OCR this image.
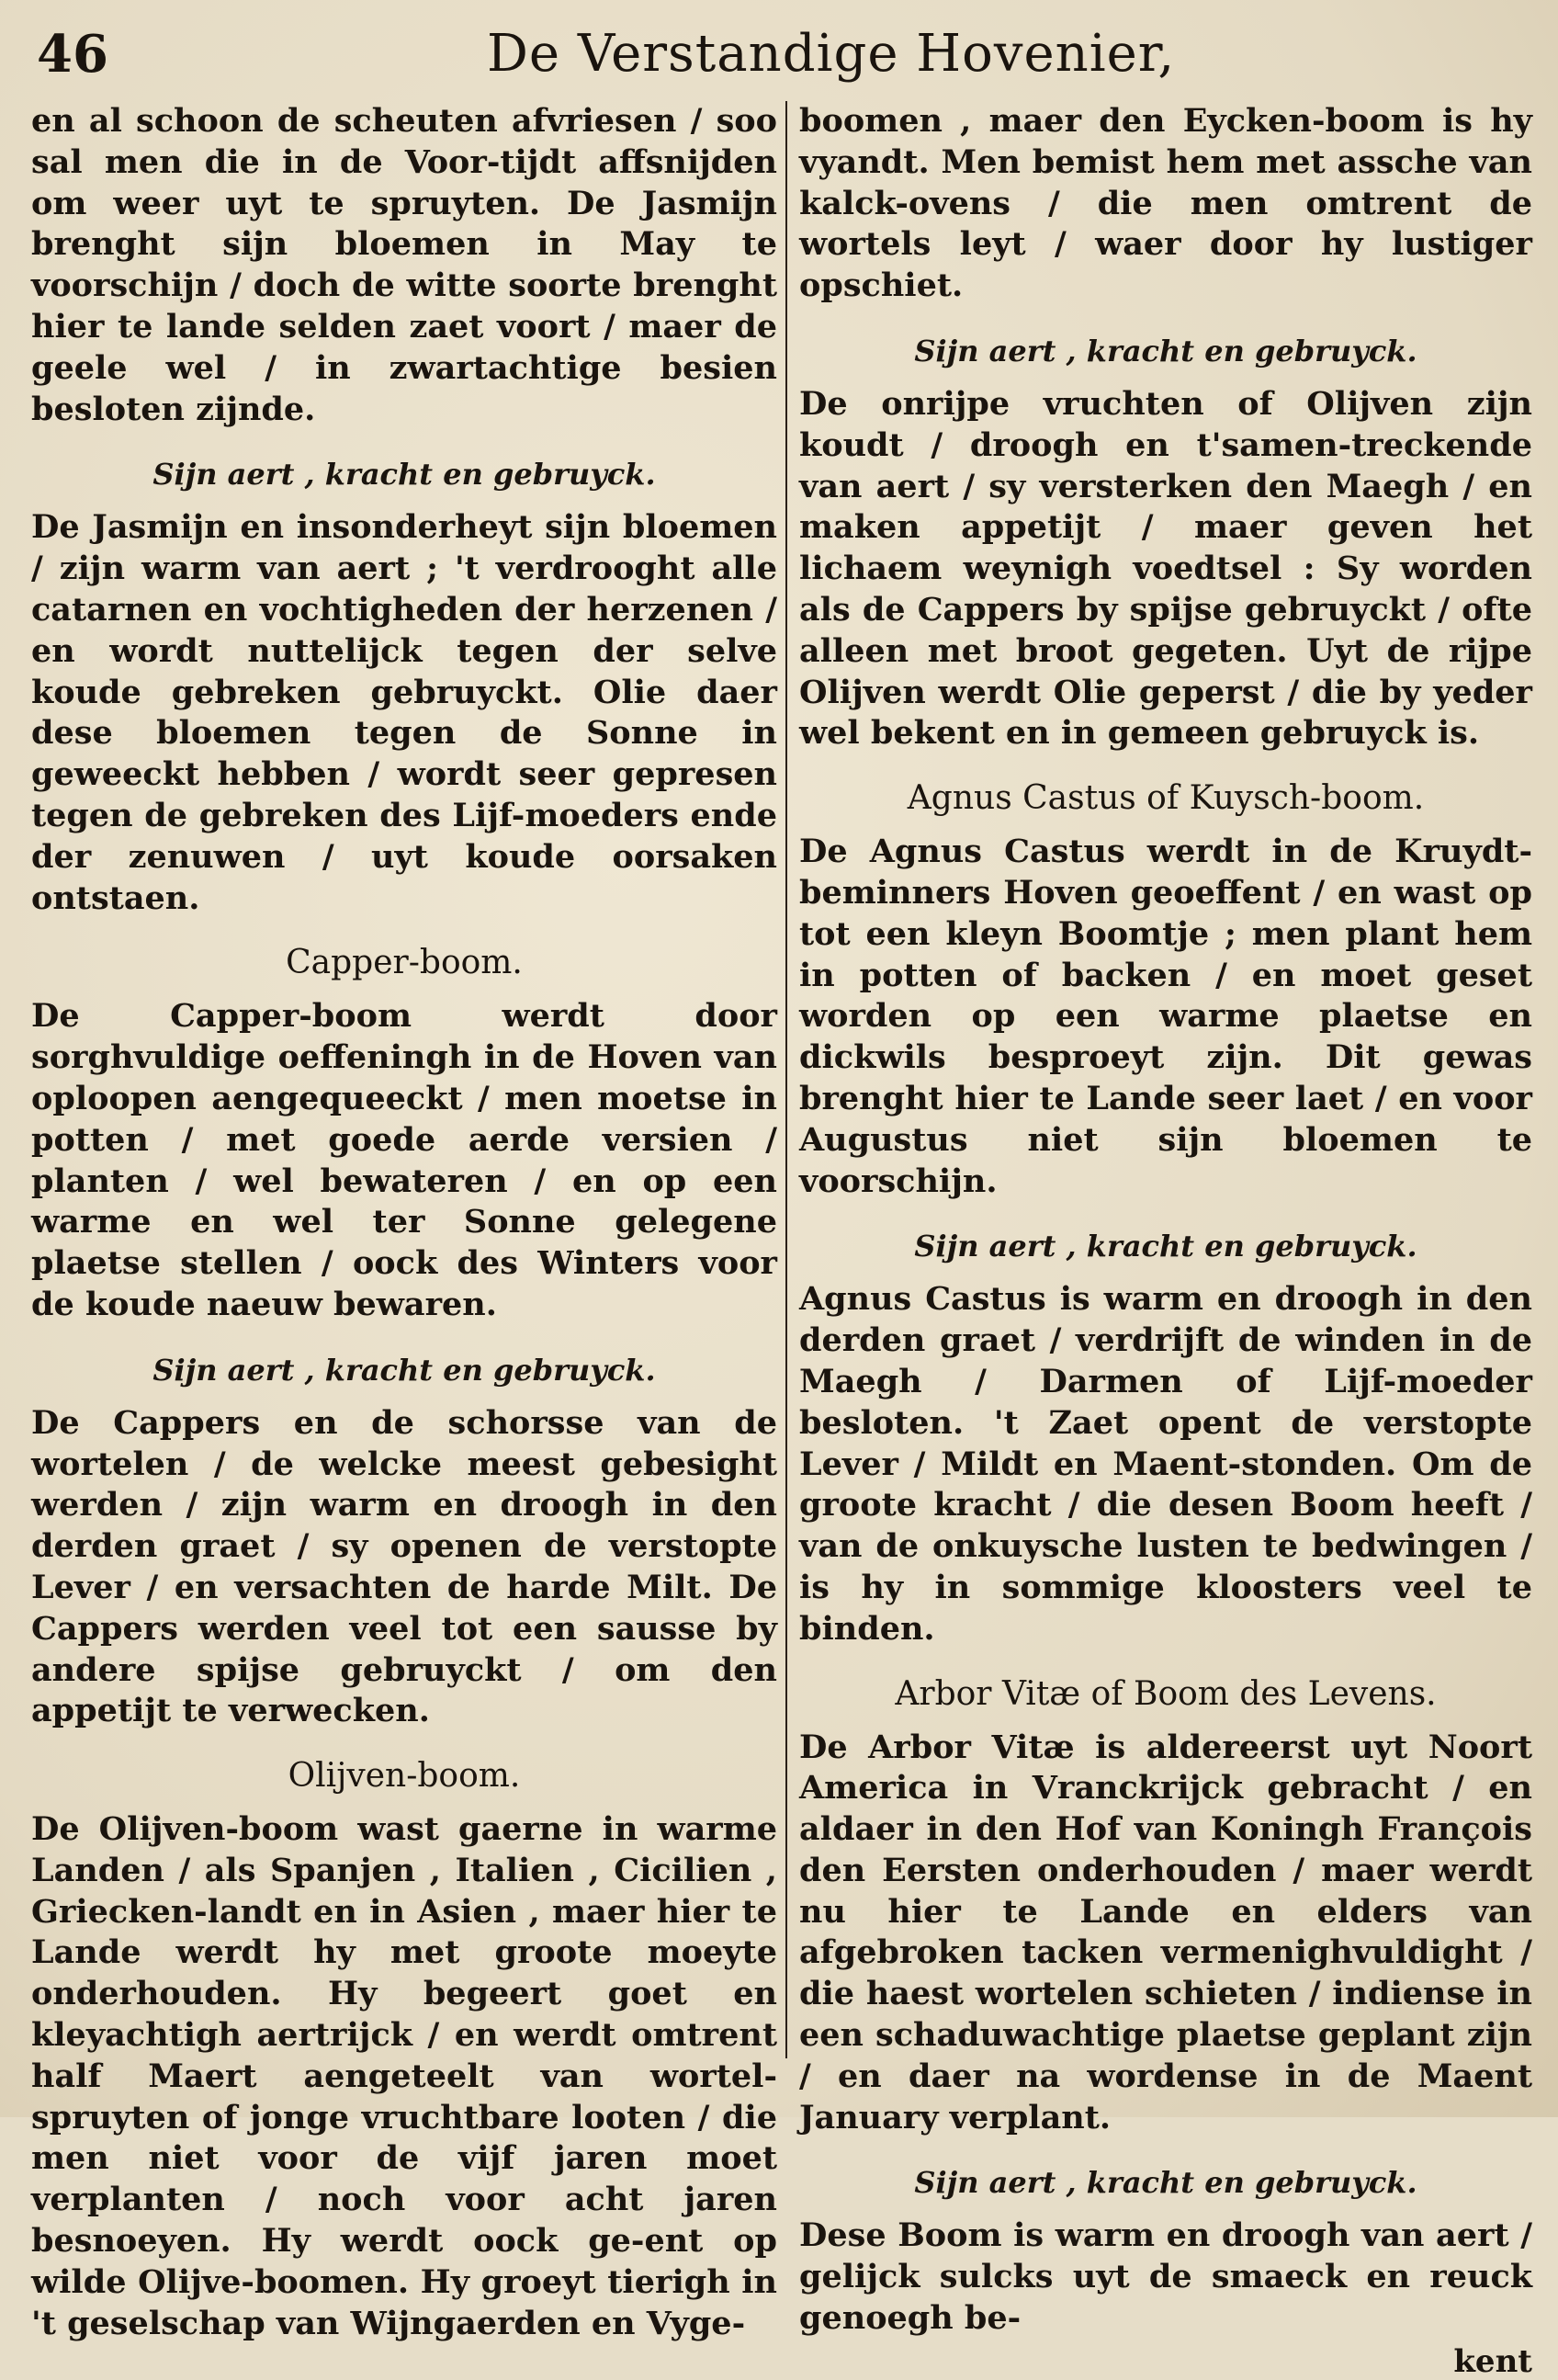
46	De Verstandige Hovenier,

en al schoon de scheuten afvriesen / soo sal men die in de Voor-tijdt affsnijden om weer uyt te spruyten. De Jasmijn brenght sijn bloemen in May te voorschijn / doch de witte soorte brenght hier te lande selden zaet voort / maer de geele wel / in zwartachtige besien besloten zijnde.

Sijn aert , kracht en gebruyck.

De Jasmijn en insonderheyt sijn bloemen / zijn warm van aert ; 't verdrooght alle catarnen en vochtigheden der herzenen / en wordt nuttelijck tegen der selve koude gebreken gebruyckt. Olie daer dese bloemen tegen de Sonne in geweeckt hebben / wordt seer gepresen tegen de gebreken des Lijf-moeders ende der zenuwen / uyt koude oorsaken ontstaen.

Capper-boom.

De Capper-boom werdt door sorghvuldige oeffeningh in de Hoven van oploopen aengequeeckt / men moetse in potten / met goede aerde versien / planten / wel bewateren / en op een warme en wel ter Sonne gelegene plaetse stellen / oock des Winters voor de koude naeuw bewaren.

Sijn aert , kracht en gebruyck.

De Cappers en de schorsse van de wortelen / de welcke meest gebesight werden / zijn warm en droogh in den derden graet / sy openen de verstopte Lever / en versachten de harde Milt. De Cappers werden veel tot een sausse by andere spijse gebruyckt / om den appetijt te verwecken.

Olijven-boom.

De Olijven-boom wast gaerne in warme Landen / als Spanjen , Italien , Cicilien , Griecken-landt en in Asien , maer hier te Lande werdt hy met groote moeyte onderhouden. Hy begeert goet en kleyachtigh aertrijck / en werdt omtrent half Maert aengeteelt van wortel-spruyten of jonge vruchtbare looten / die men niet voor de vijf jaren moet verplanten / noch voor acht jaren besnoeyen. Hy werdt oock ge-ent op wilde Olijve-boomen. Hy groeyt tierigh in 't geselschap van Wijngaerden en Vyge-

boomen , maer den Eycken-boom is hy vyandt. Men bemist hem met assche van kalck-ovens / die men omtrent de wortels leyt / waer door hy lustiger opschiet.

Sijn aert , kracht en gebruyck.

De onrijpe vruchten of Olijven zijn koudt / droogh en t'samen-treckende van aert / sy versterken den Maegh / en maken appetijt / maer geven het lichaem weynigh voedtsel : Sy worden als de Cappers by spijse gebruyckt / ofte alleen met broot gegeten. Uyt de rijpe Olijven werdt Olie geperst / die by yeder wel bekent en in gemeen gebruyck is.

Agnus Castus of Kuysch-boom.

De Agnus Castus werdt in de Kruydt-beminners Hoven geoeffent / en wast op tot een kleyn Boomtje ; men plant hem in potten of backen / en moet geset worden op een warme plaetse en dickwils besproeyt zijn. Dit gewas brenght hier te Lande seer laet / en voor Augustus niet sijn bloemen te voorschijn.

Sijn aert , kracht en gebruyck.

Agnus Castus is warm en droogh in den derden graet / verdrijft de winden in de Maegh / Darmen of Lijf-moeder besloten. 't Zaet opent de verstopte Lever / Mildt en Maent-stonden. Om de groote kracht / die desen Boom heeft / van de onkuysche lusten te bedwingen / is hy in sommige kloosters veel te binden.

Arbor Vitæ of Boom des Levens.

De Arbor Vitæ is aldereerst uyt Noort America in Vranckrijck gebracht / en aldaer in den Hof van Koningh François den Eersten onderhouden / maer werdt nu hier te Lande en elders van afgebroken tacken vermenighvuldight / die haest wortelen schieten / indiense in een schaduwachtige plaetse geplant zijn / en daer na wordense in de Maent January verplant.

Sijn aert , kracht en gebruyck.

Dese Boom is warm en droogh van aert / gelijck sulcks uyt de smaeck en reuck genoegh be-

kent
